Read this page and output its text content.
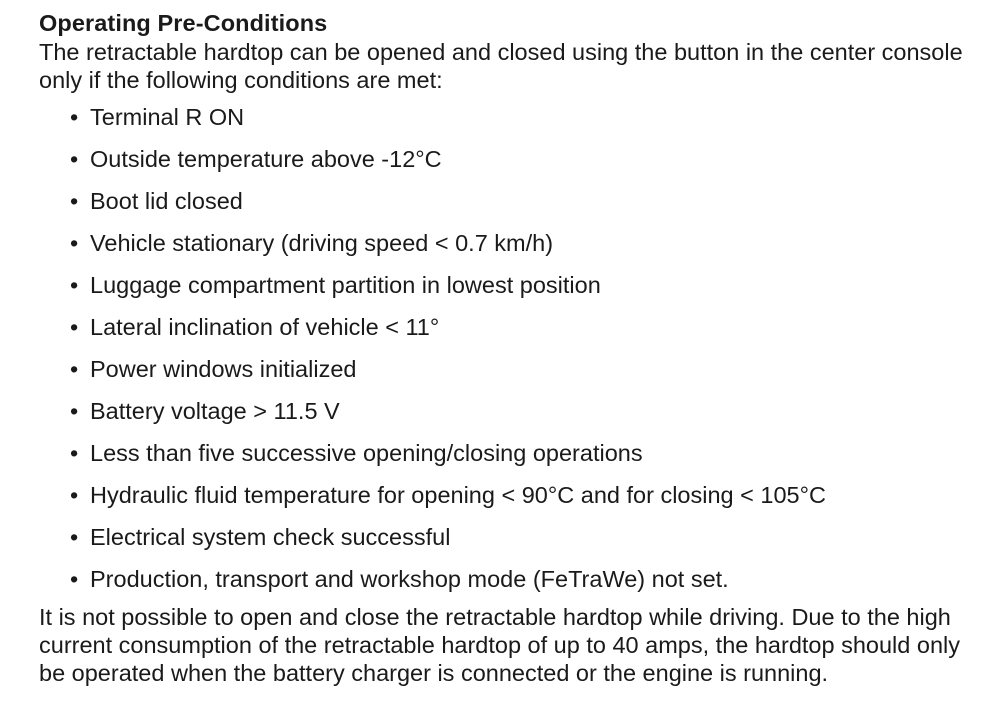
Operating Pre-Conditions

The retractable hardtop can be opened and closed using the button in the center console only if the following conditions are met:

• Terminal R ON
• Outside temperature above -12°C
• Boot lid closed
• Vehicle stationary (driving speed < 0.7 km/h)
• Luggage compartment partition in lowest position
• Lateral inclination of vehicle < 11°
• Power windows initialized
• Battery voltage > 11.5 V
• Less than five successive opening/closing operations
• Hydraulic fluid temperature for opening < 90°C and for closing < 105°C
• Electrical system check successful
• Production, transport and workshop mode (FeTraWe) not set.

It is not possible to open and close the retractable hardtop while driving. Due to the high current consumption of the retractable hardtop of up to 40 amps, the hardtop should only be operated when the battery charger is connected or the engine is running.
